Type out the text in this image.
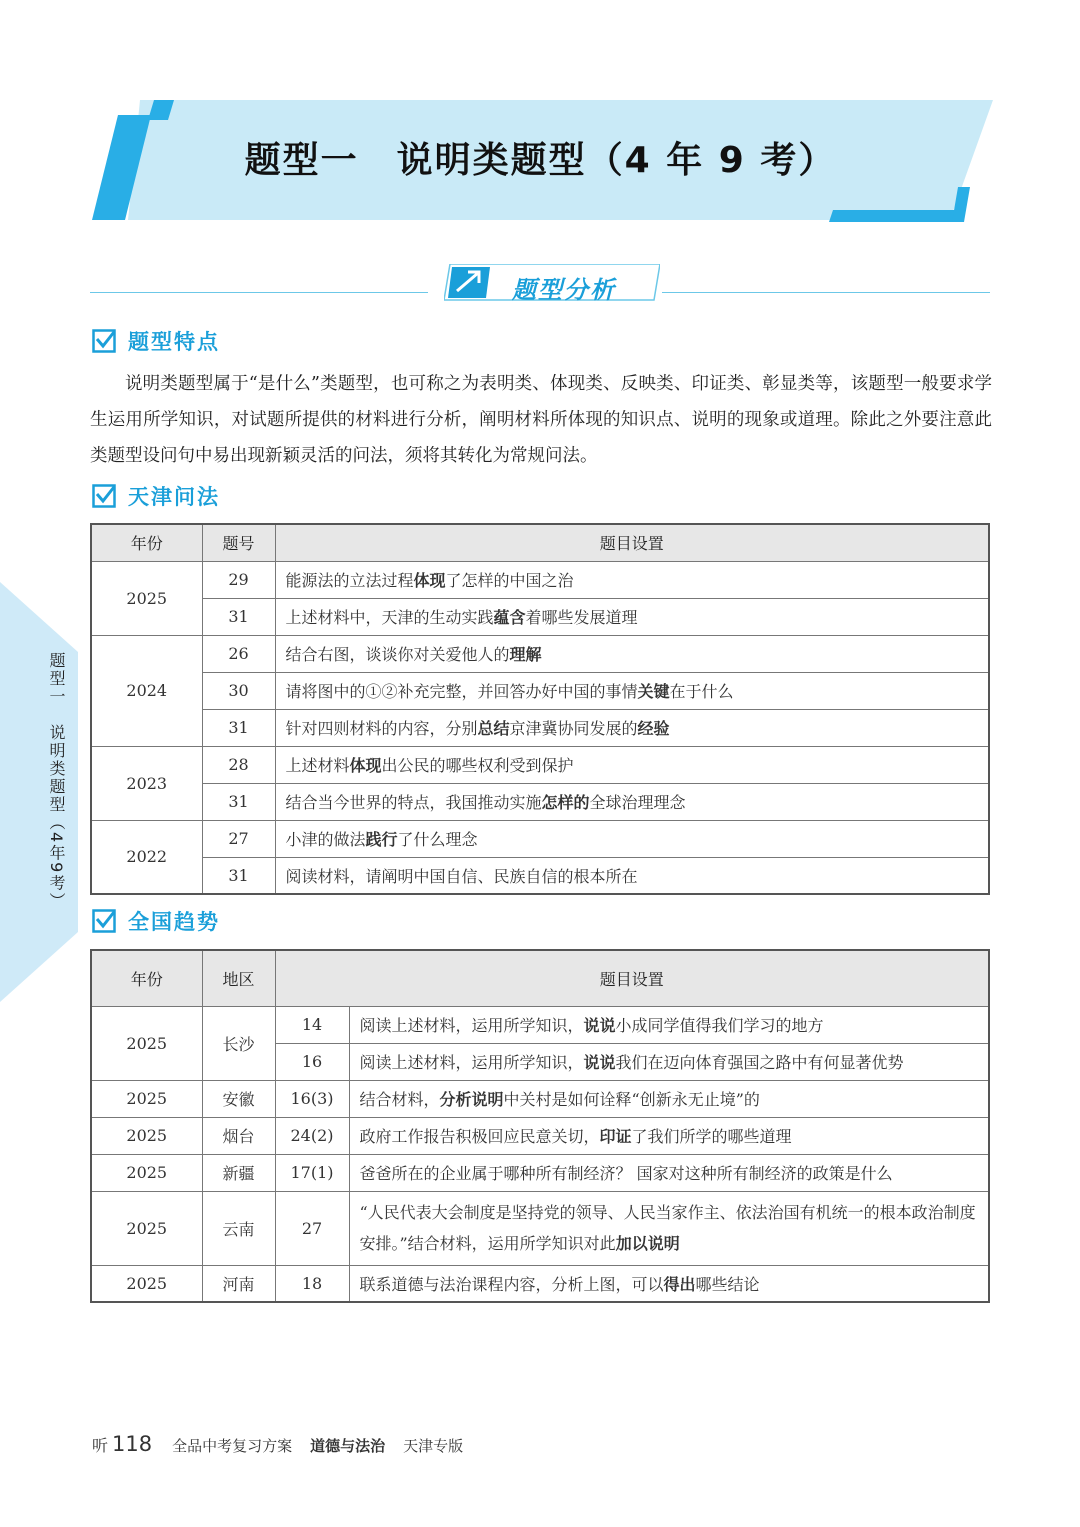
题型一　说明类题型（4 年 9 考）
题型分析
题型特点
说明类题型属于“是什么”类题型，也可称之为表明类、体现类、反映类、印证类、彰显类等，该题型一般要求学生运用所学知识，对试题所提供的材料进行分析，阐明材料所体现的知识点、说明的现象或道理。除此之外要注意此类题型设问句中易出现新颖灵活的问法，须将其转化为常规问法。
天津问法
年份	题号	题目设置
2025	29	能源法的立法过程体现了怎样的中国之治
	31	上述材料中，天津的生动实践蕴含着哪些发展道理
2024	26	结合右图，谈谈你对关爱他人的理解
	30	请将图中的①②补充完整，并回答办好中国的事情关键在于什么
	31	针对四则材料的内容，分别总结京津冀协同发展的经验
2023	28	上述材料体现出公民的哪些权利受到保护
	31	结合当今世界的特点，我国推动实施怎样的全球治理理念
2022	27	小津的做法践行了什么理念
	31	阅读材料，请阐明中国自信、民族自信的根本所在
全国趋势
年份	地区	题目设置	
2025	长沙	14	阅读上述材料，运用所学知识，说说小成同学值得我们学习的地方
		16	阅读上述材料，运用所学知识，说说我们在迈向体育强国之路中有何显著优势
2025	安徽	16(3)	结合材料，分析说明中关村是如何诠释“创新永无止境”的
2025	烟台	24(2)	政府工作报告积极回应民意关切，印证了我们所学的哪些道理
2025	新疆	17(1)	爸爸所在的企业属于哪种所有制经济？ 国家对这种所有制经济的政策是什么
2025	云南	27	“人民代表大会制度是坚持党的领导、人民当家作主、依法治国有机统一的根本政治制度安排。”结合材料，运用所学知识对此加以说明
2025	河南	18	联系道德与法治课程内容，分析上图，可以得出哪些结论
题型一　说明类题型（4年9考）
听 118 全品中考复习方案 道德与法治 天津专版
